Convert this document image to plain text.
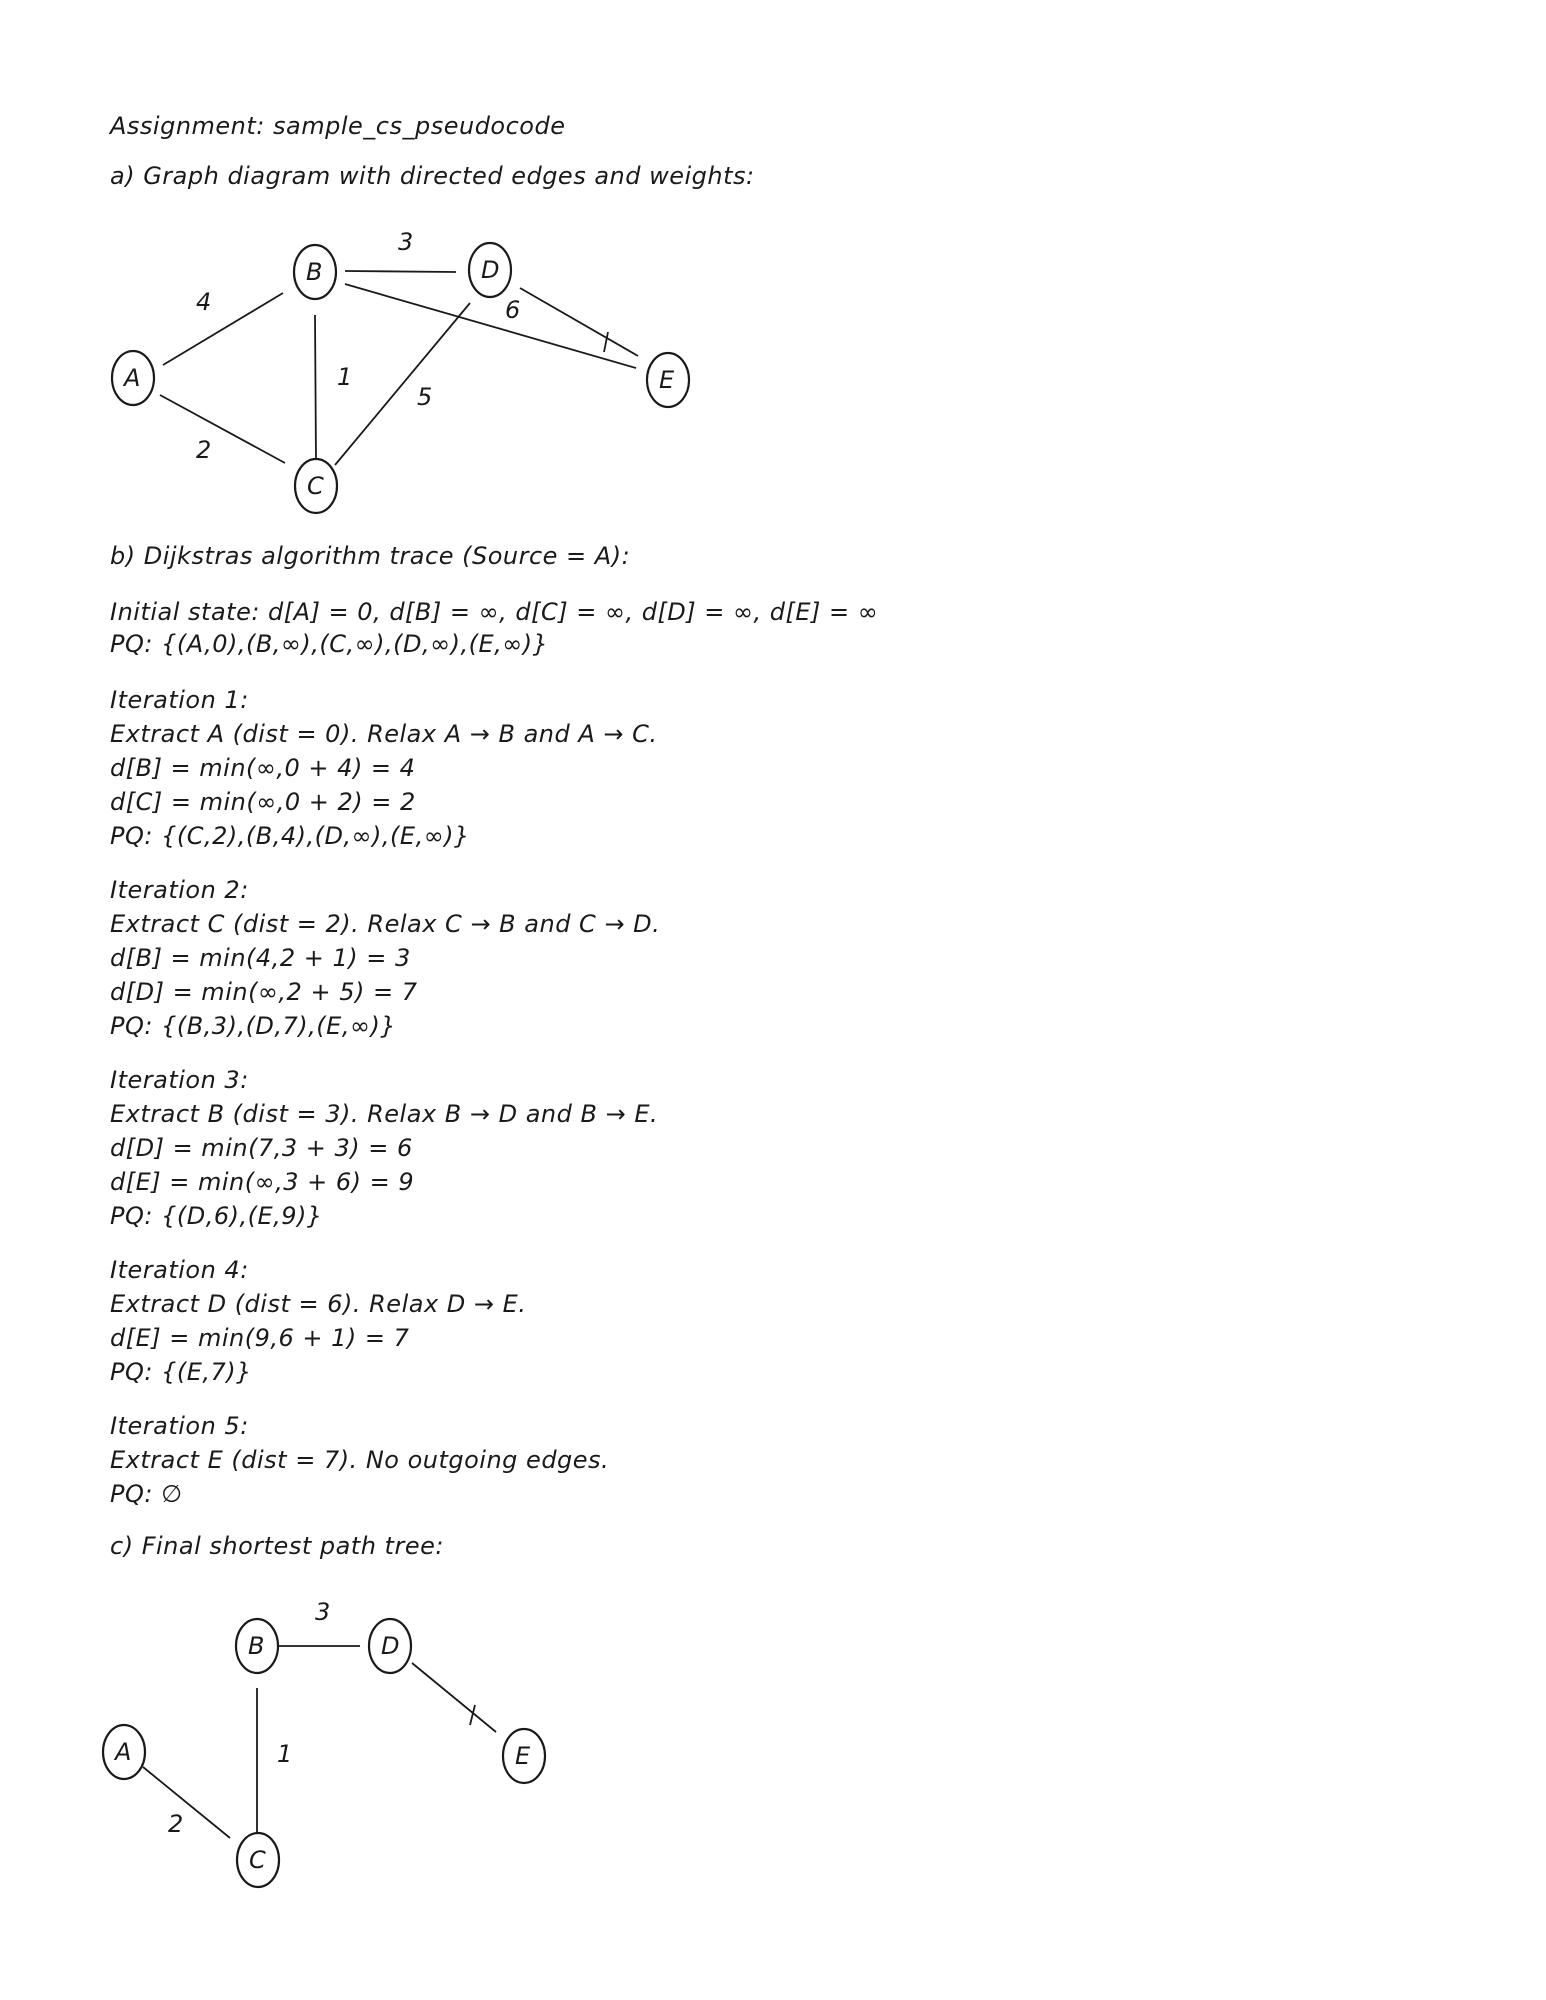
Assignment: sample_cs_pseudocode
a) Graph diagram with directed edges and weights:
4
2
1
3
5
6
A
B
C
D
E
b) Dijkstras algorithm trace (Source = A):
Initial state: d[A] = 0, d[B] = ∞, d[C] = ∞, d[D] = ∞, d[E] = ∞
PQ: {(A,0),(B,∞),(C,∞),(D,∞),(E,∞)}
Iteration 1:
Extract A (dist = 0). Relax A → B and A → C.
d[B] = min(∞,0 + 4) = 4
d[C] = min(∞,0 + 2) = 2
PQ: {(C,2),(B,4),(D,∞),(E,∞)}
Iteration 2:
Extract C (dist = 2). Relax C → B and C → D.
d[B] = min(4,2 + 1) = 3
d[D] = min(∞,2 + 5) = 7
PQ: {(B,3),(D,7),(E,∞)}
Iteration 3:
Extract B (dist = 3). Relax B → D and B → E.
d[D] = min(7,3 + 3) = 6
d[E] = min(∞,3 + 6) = 9
PQ: {(D,6),(E,9)}
Iteration 4:
Extract D (dist = 6). Relax D → E.
d[E] = min(9,6 + 1) = 7
PQ: {(E,7)}
Iteration 5:
Extract E (dist = 7). No outgoing edges.
PQ: ∅
c) Final shortest path tree:
2
1
3
A
B
C
D
E
